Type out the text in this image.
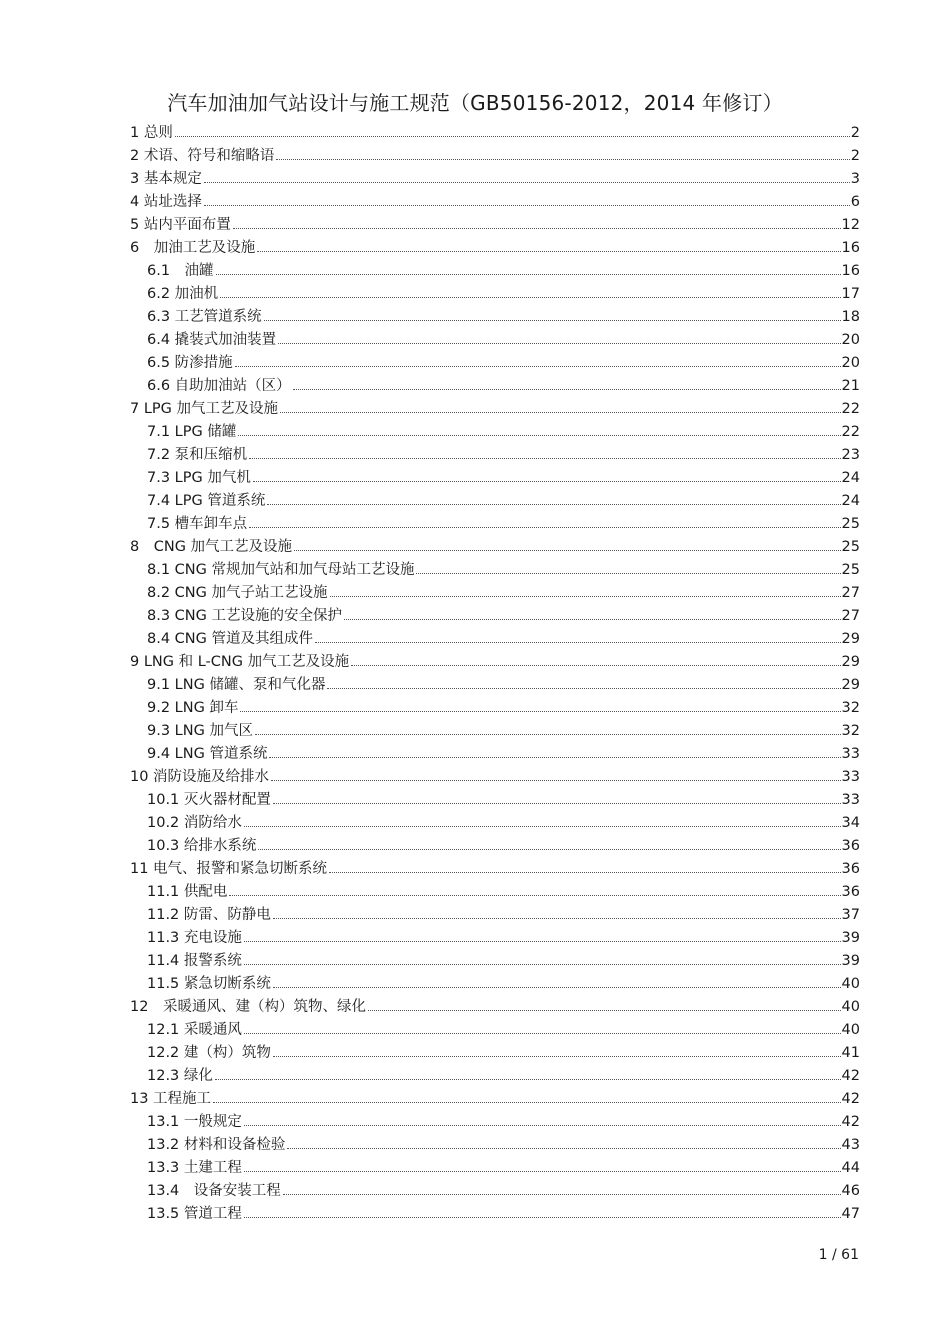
汽车加油加气站设计与施工规范（GB50156-2012，2014 年修订）
1 总则	2
2 术语、符号和缩略语	2
3 基本规定	3
4 站址选择	6
5 站内平面布置	12
6　加油工艺及设施	16
6.1　油罐	16
6.2 加油机	17
6.3 工艺管道系统	18
6.4 撬装式加油装置	20
6.5 防渗措施	20
6.6 自助加油站（区）	21
7 LPG 加气工艺及设施	22
7.1 LPG 储罐	22
7.2 泵和压缩机	23
7.3 LPG 加气机	24
7.4 LPG 管道系统	24
7.5 槽车卸车点	25
8　CNG 加气工艺及设施	25
8.1 CNG 常规加气站和加气母站工艺设施	25
8.2 CNG 加气子站工艺设施	27
8.3 CNG 工艺设施的安全保护	27
8.4 CNG 管道及其组成件	29
9 LNG 和 L-CNG 加气工艺及设施	29
9.1 LNG 储罐、泵和气化器	29
9.2 LNG 卸车	32
9.3 LNG 加气区	32
9.4 LNG 管道系统	33
10 消防设施及给排水	33
10.1 灭火器材配置	33
10.2 消防给水	34
10.3 给排水系统	36
11 电气、报警和紧急切断系统	36
11.1 供配电	36
11.2 防雷、防静电	37
11.3 充电设施	39
11.4 报警系统	39
11.5 紧急切断系统	40
12　采暖通风、建（构）筑物、绿化	40
12.1 采暖通风	40
12.2 建（构）筑物	41
12.3 绿化	42
13 工程施工	42
13.1 一般规定	42
13.2 材料和设备检验	43
13.3 土建工程	44
13.4　设备安装工程	46
13.5 管道工程	47
1 / 61
